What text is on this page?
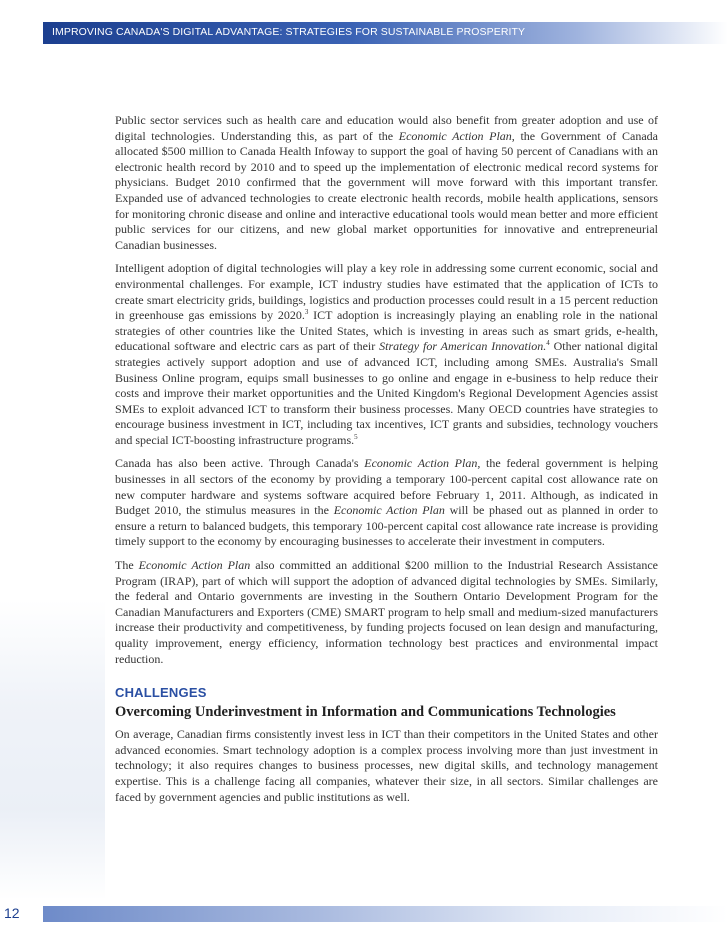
IMPROVING CANADA'S DIGITAL ADVANTAGE: STRATEGIES FOR SUSTAINABLE PROSPERITY

Public sector services such as health care and education would also benefit from greater adoption and use of digital technologies. Understanding this, as part of the Economic Action Plan, the Government of Canada allocated $500 million to Canada Health Infoway to support the goal of having 50 percent of Canadians with an electronic health record by 2010 and to speed up the implementation of electronic medical record systems for physicians. Budget 2010 confirmed that the government will move forward with this important transfer. Expanded use of advanced technologies to create electronic health records, mobile health applications, sensors for monitoring chronic disease and online and interactive educational tools would mean better and more efficient public services for our citizens, and new global market opportunities for innovative and entrepreneurial Canadian businesses.

Intelligent adoption of digital technologies will play a key role in addressing some current economic, social and environmental challenges. For example, ICT industry studies have estimated that the application of ICTs to create smart electricity grids, buildings, logistics and production processes could result in a 15 percent reduction in greenhouse gas emissions by 2020.$^3$ ICT adoption is increasingly playing an enabling role in the national strategies of other countries like the United States, which is investing in areas such as smart grids, e-health, educational software and electric cars as part of their Strategy for American Innovation.$^4$ Other national digital strategies actively support adoption and use of advanced ICT, including among SMEs. Australia's Small Business Online program, equips small businesses to go online and engage in e-business to help reduce their costs and improve their market opportunities and the United Kingdom's Regional Development Agencies assist SMEs to exploit advanced ICT to transform their business processes. Many OECD countries have strategies to encourage business investment in ICT, including tax incentives, ICT grants and subsidies, technology vouchers and special ICT-boosting infrastructure programs.$^5$

Canada has also been active. Through Canada's Economic Action Plan, the federal government is helping businesses in all sectors of the economy by providing a temporary 100-percent capital cost allowance rate on new computer hardware and systems software acquired before February 1, 2011. Although, as indicated in Budget 2010, the stimulus measures in the Economic Action Plan will be phased out as planned in order to ensure a return to balanced budgets, this temporary 100-percent capital cost allowance rate increase is providing timely support to the economy by encouraging businesses to accelerate their investment in computers.

The Economic Action Plan also committed an additional $200 million to the Industrial Research Assistance Program (IRAP), part of which will support the adoption of advanced digital technologies by SMEs. Similarly, the federal and Ontario governments are investing in the Southern Ontario Development Program for the Canadian Manufacturers and Exporters (CME) SMART program to help small and medium-sized manufacturers increase their productivity and competitiveness, by funding projects focused on lean design and manufacturing, quality improvement, energy efficiency, information technology best practices and environmental impact reduction.

CHALLENGES
Overcoming Underinvestment in Information and Communications Technologies

On average, Canadian firms consistently invest less in ICT than their competitors in the United States and other advanced economies. Smart technology adoption is a complex process involving more than just investment in technology; it also requires changes to business processes, new digital skills, and technology management expertise. This is a challenge facing all companies, whatever their size, in all sectors. Similar challenges are faced by government agencies and public institutions as well.

12
